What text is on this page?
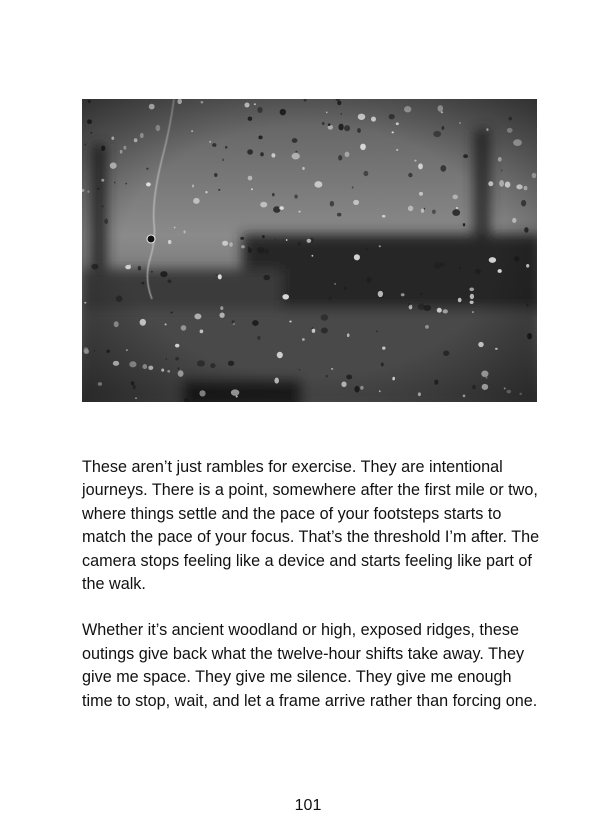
These aren’t just rambles for exercise. They are intentional journeys. There is a point, somewhere after the first mile or two, where things settle and the pace of your footsteps starts to match the pace of your focus. That’s the threshold I’m after. The camera stops feeling like a device and starts feeling like part of the walk.

Whether it’s ancient woodland or high, exposed ridges, these outings give back what the twelve-hour shifts take away. They give me space. They give me silence. They give me enough time to stop, wait, and let a frame arrive rather than forcing one.

101
